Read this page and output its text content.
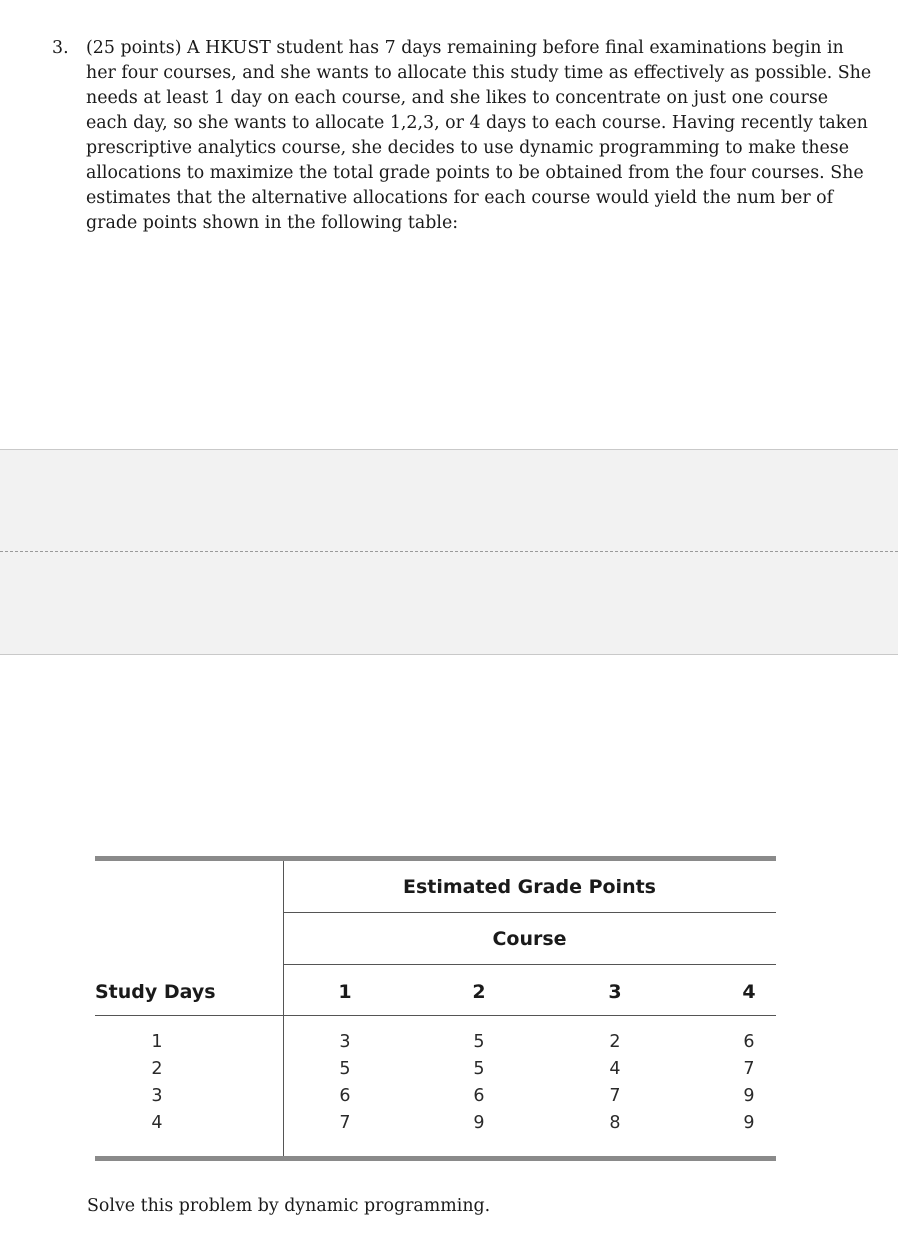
3. (25 points) A HKUST student has 7 days remaining before final examinations begin in her four courses, and she wants to allocate this study time as effectively as possible. She needs at least 1 day on each course, and she likes to concentrate on just one course each day, so she wants to allocate 1,2,3, or 4 days to each course. Having recently taken prescriptive analytics course, she decides to use dynamic programming to make these allocations to maximize the total grade points to be obtained from the four courses. She estimates that the alternative allocations for each course would yield the num ber of grade points shown in the following table:
Estimated Grade Points
Course
Study Days	1	2	3	4
1	3	5	2	6
2	5	5	4	7
3	6	6	7	9
4	7	9	8	9
Solve this problem by dynamic programming.
